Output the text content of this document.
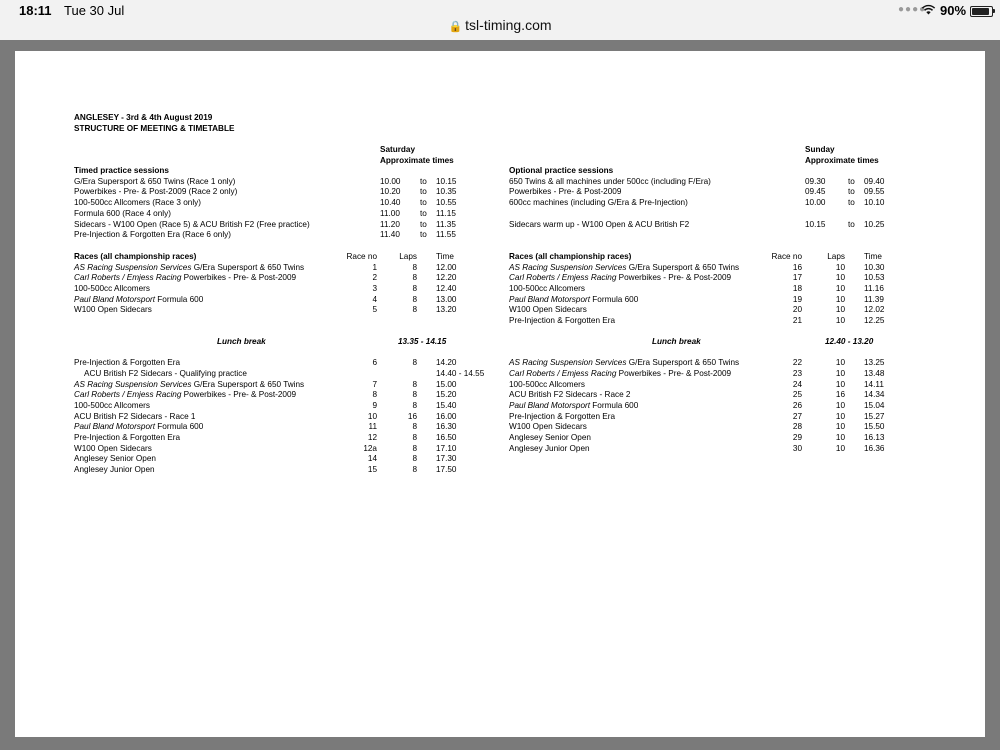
18:11 Tue 30 Jul	●●●● 90%
🔒 tsl-timing.com
ANGLESEY - 3rd & 4th August 2019
STRUCTURE OF MEETING & TIMETABLE
Saturday
Approximate times
Timed practice sessions
Sunday
Approximate times
Optional practice sessions
G/Era Supersport & 650 Twins (Race 1 only)	10.00 to 10.15
Powerbikes - Pre- & Post-2009 (Race 2 only)	10.20 to 10.35
100-500cc Allcomers (Race 3 only)	10.40 to 10.55
Formula 600 (Race 4 only)	11.00 to 11.15
Sidecars - W100 Open (Race 5) & ACU British F2 (Free practice)	11.20 to 11.35
Pre-Injection & Forgotten Era (Race 6 only)	11.40 to 11.55
650 Twins & all machines under 500cc (including F/Era)	09.30	to 09.40
Powerbikes - Pre- & Post-2009	09.45	to 09.55
600cc machines (including G/Era & Pre-Injection)	10.00	to 10.10
Sidecars warm up - W100 Open & ACU British F2	10.15	to 10.25
Races (all championship races)	Race no	Laps Time	Races (all championship races)	Race no	Laps Time
AS Racing Suspension Services G/Era Supersport & 650 Twins	1	8 12.00
Carl Roberts / Emjess Racing Powerbikes - Pre- & Post-2009	2	8 12.20
100-500cc Allcomers	3	8 12.40
Paul Bland Motorsport Formula 600	4	8 13.00
W100 Open Sidecars	5	8 13.20
AS Racing Suspension Services G/Era Supersport & 650 Twins	16	10 10.30
Carl Roberts / Emjess Racing Powerbikes - Pre- & Post-2009	17	10 10.53
100-500cc Allcomers	18	10 11.16
Paul Bland Motorsport Formula 600	19	10 11.39
W100 Open Sidecars	20	10 12.02
Pre-Injection & Forgotten Era	21	10 12.25
Lunch break	13.35 - 14.15	Lunch break	12.40 - 13.20
Pre-Injection & Forgotten Era	6	8 14.20
ACU British F2 Sidecars - Qualifying practice	14.40 - 14.55
AS Racing Suspension Services G/Era Supersport & 650 Twins	7	8 15.00
Carl Roberts / Emjess Racing Powerbikes - Pre- & Post-2009	8	8 15.20
100-500cc Allcomers	9	8 15.40
ACU British F2 Sidecars - Race 1	10	16 16.00
Paul Bland Motorsport Formula 600	11	8 16.30
Pre-Injection & Forgotten Era	12	8 16.50
W100 Open Sidecars	12a	8 17.10
Anglesey Senior Open	14	8 17.30
Anglesey Junior Open	15	8 17.50
AS Racing Suspension Services G/Era Supersport & 650 Twins	22	10 13.25
Carl Roberts / Emjess Racing Powerbikes - Pre- & Post-2009	23	10 13.48
100-500cc Allcomers	24	10 14.11
ACU British F2 Sidecars - Race 2	25	16 14.34
Paul Bland Motorsport Formula 600	26	10 15.04
Pre-Injection & Forgotten Era	27	10 15.27
W100 Open Sidecars	28	10 15.50
Anglesey Senior Open	29	10 16.13
Anglesey Junior Open	30	10 16.36
